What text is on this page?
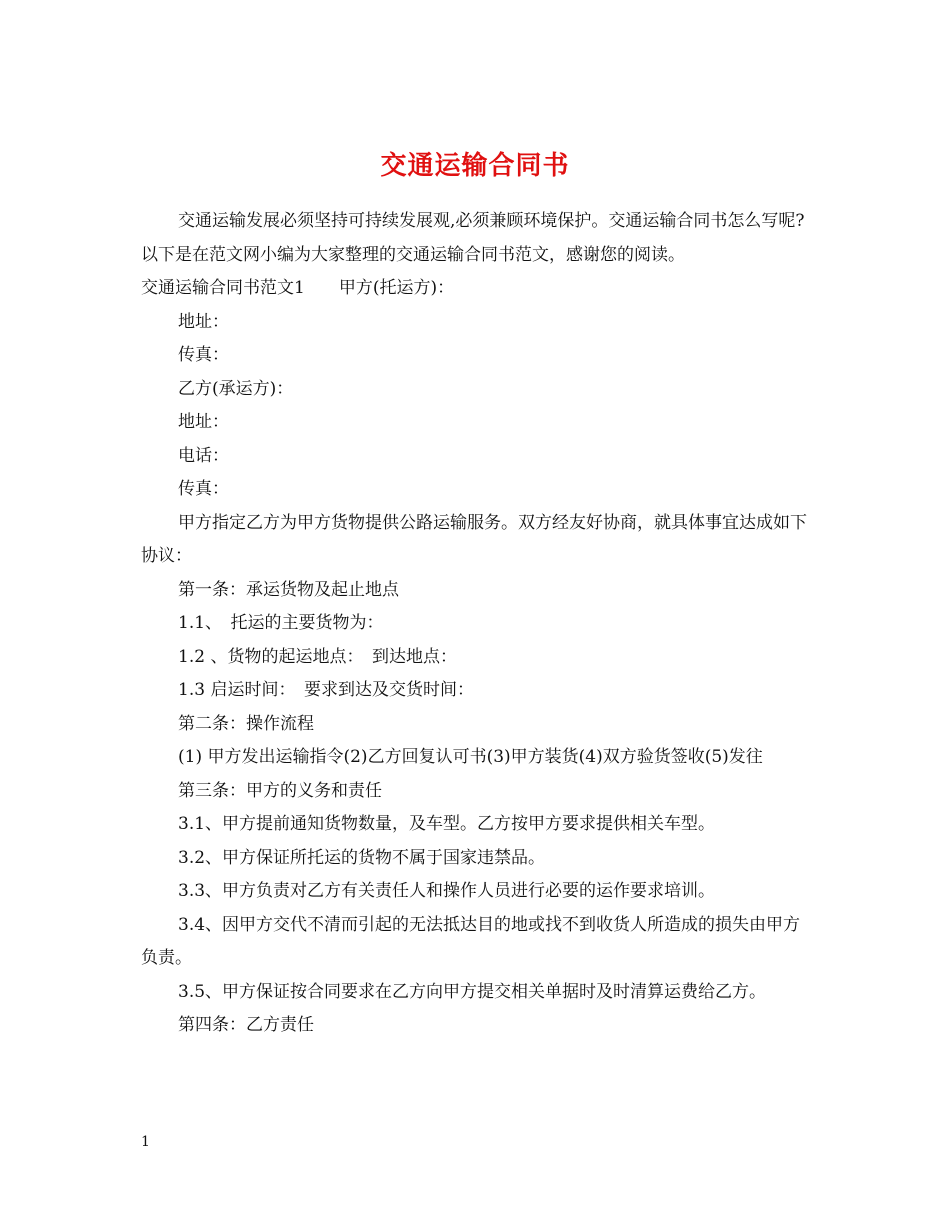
交通运输合同书

交通运输发展必须坚持可持续发展观,必须兼顾环境保护。交通运输合同书怎么写呢?以下是在范文网小编为大家整理的交通运输合同书范文，感谢您的阅读。

交通运输合同书范文1　　甲方(托运方)：

地址：

传真：

乙方(承运方)：

地址：

电话：

传真：

甲方指定乙方为甲方货物提供公路运输服务。双方经友好协商，就具体事宜达成如下协议：

第一条：承运货物及起止地点

1.1、　托运的主要货物为：

1.2 、货物的起运地点：　到达地点：

1.3 启运时间：　要求到达及交货时间：

第二条：操作流程

(1) 甲方发出运输指令(2)乙方回复认可书(3)甲方装货(4)双方验货签收(5)发往

第三条：甲方的义务和责任

3.1、甲方提前通知货物数量，及车型。乙方按甲方要求提供相关车型。

3.2、甲方保证所托运的货物不属于国家违禁品。

3.3、甲方负责对乙方有关责任人和操作人员进行必要的运作要求培训。

3.4、因甲方交代不清而引起的无法抵达目的地或找不到收货人所造成的损失由甲方负责。

3.5、甲方保证按合同要求在乙方向甲方提交相关单据时及时清算运费给乙方。

第四条：乙方责任

1
